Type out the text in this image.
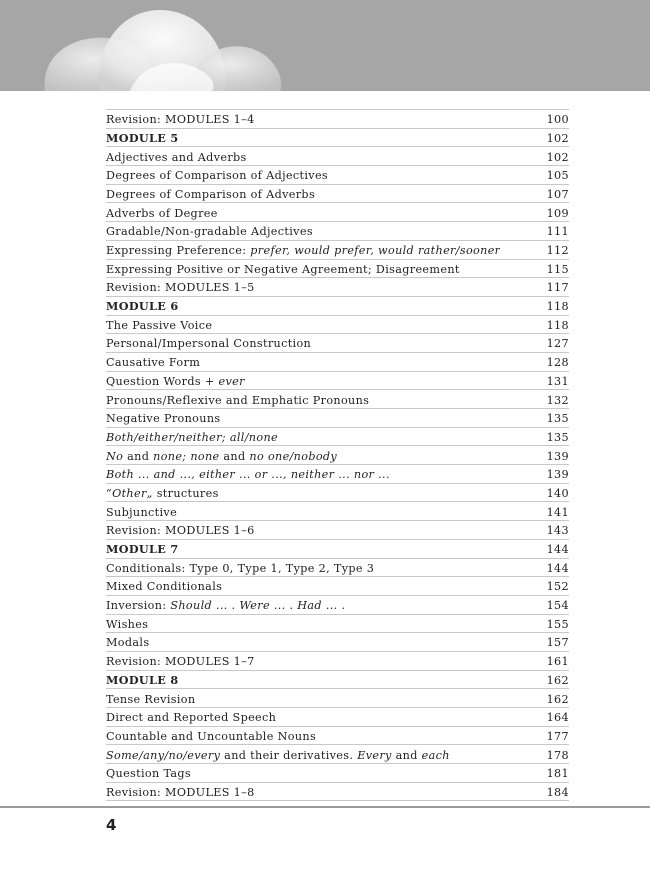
Revision: MODULES 1–4	100
MODULE 5	102
Adjectives and Adverbs	102
Degrees of Comparison of Adjectives	105
Degrees of Comparison of Adverbs	107
Adverbs of Degree	109
Gradable/Non-gradable Adjectives	111
Expressing Preference: prefer, would prefer, would rather/sooner	112
Expressing Positive or Negative Agreement; Disagreement	115
Revision: MODULES 1–5	117
MODULE 6	118
The Passive Voice	118
Personal/Impersonal Construction	127
Causative Form	128
Question Words + ever	131
Pronouns/Reflexive and Emphatic Pronouns	132
Negative Pronouns	135
Both/either/neither; all/none	135
No and none; none and no one/nobody	139
Both ... and ..., either ... or ..., neither ... nor ...	139
“Other„ structures	140
Subjunctive	141
Revision: MODULES 1–6	143
MODULE 7	144
Conditionals: Type 0, Type 1, Type 2, Type 3	144
Mixed Conditionals	152
Inversion: Should ... . Were ... . Had ... .	154
Wishes	155
Modals	157
Revision: MODULES 1–7	161
MODULE 8	162
Tense Revision	162
Direct and Reported Speech	164
Countable and Uncountable Nouns	177
Some/any/no/every and their derivatives. Every and each	178
Question Tags	181
Revision: MODULES 1–8	184
4
